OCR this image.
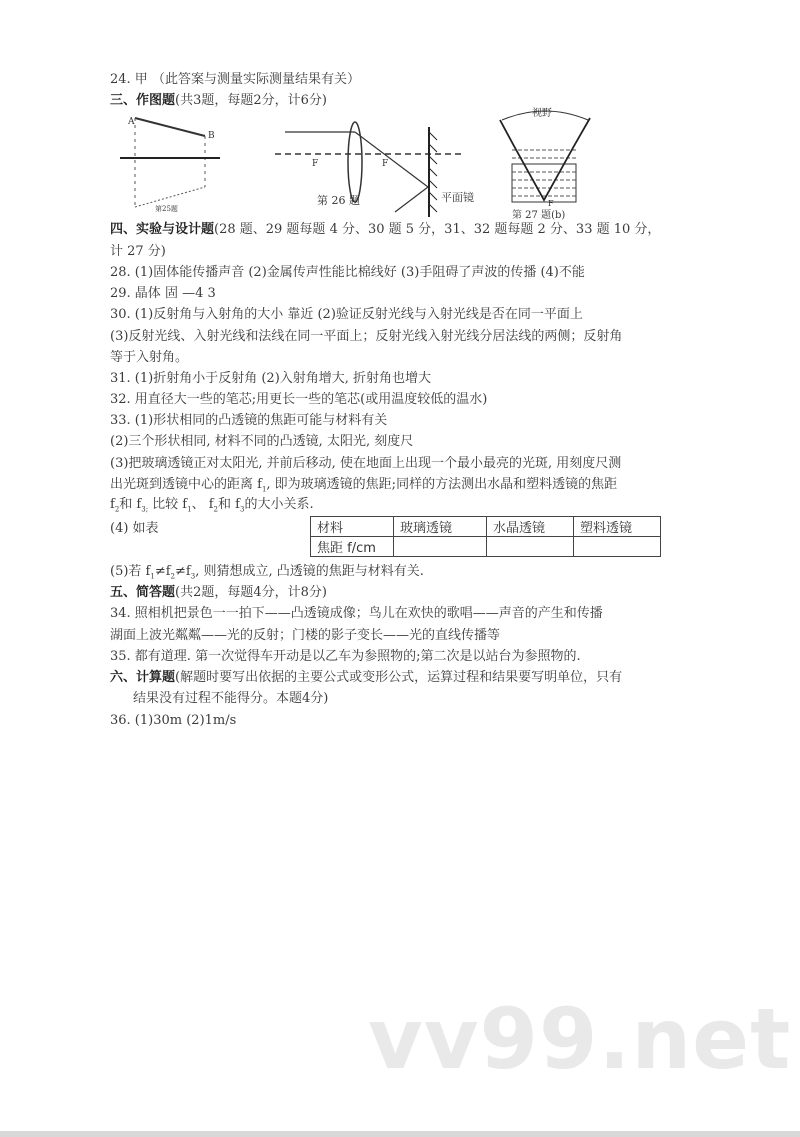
24. 甲 （此答案与测量实际测量结果有关）
三、作图题(共3题，每题2分，计6分)
A
B
第25题
F	F
第 26 题	平面镜
视野
F
第 27 题(b)
四、实验与设计题(28 题、29 题每题 4 分、30 题 5 分，31、32 题每题 2 分、33 题 10 分，
计 27 分)
28. (1)固体能传播声音 (2)金属传声性能比棉线好 (3)手阻碍了声波的传播 (4)不能
29. 晶体 固 —4 3
30. (1)反射角与入射角的大小 靠近 (2)验证反射光线与入射光线是否在同一平面上
(3)反射光线、入射光线和法线在同一平面上；反射光线入射光线分居法线的两侧；反射角
等于入射角。
31. (1)折射角小于反射角 (2)入射角增大, 折射角也增大
32. 用直径大一些的笔芯;用更长一些的笔芯(或用温度较低的温水)
33. (1)形状相同的凸透镜的焦距可能与材料有关
(2)三个形状相同, 材料不同的凸透镜, 太阳光, 刻度尺
(3)把玻璃透镜正对太阳光, 并前后移动, 使在地面上出现一个最小最亮的光斑, 用刻度尺测
出光斑到透镜中心的距离 $f_1$, 即为玻璃透镜的焦距;同样的方法测出水晶和塑料透镜的焦距
$f_2$和 $f_{3;}$ 比较 $f_1$、 $f_2$和 $f_3$的大小关系.
(4) 如表	材料	玻璃透镜	水晶透镜	塑料透镜
焦距 f/cm			
(5)若 $f_1\ne f_2\ne f_3$, 则猜想成立, 凸透镜的焦距与材料有关.
五、简答题(共2题，每题4分，计8分)
34. 照相机把景色一一拍下——凸透镜成像；鸟儿在欢快的歌唱——声音的产生和传播
湖面上波光粼粼——光的反射；门楼的影子变长——光的直线传播等
35. 都有道理. 第一次觉得车开动是以乙车为参照物的;第二次是以站台为参照物的.
六、计算题(解题时要写出依据的主要公式或变形公式，运算过程和结果要写明单位，只有
结果没有过程不能得分。本题4分)
36. (1)30m (2)1m/s
vv99.net
